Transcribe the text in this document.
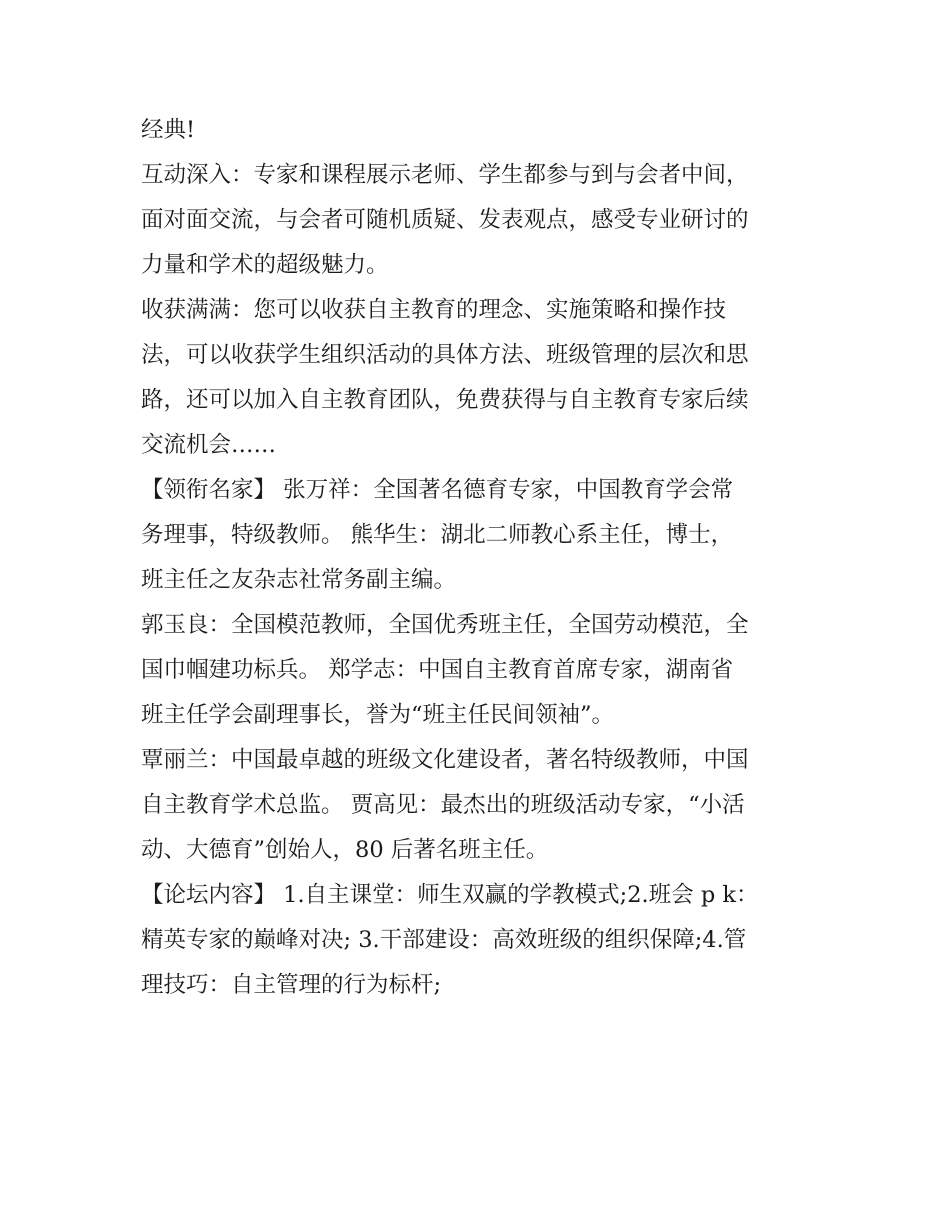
经典!
互动深入：专家和课程展示老师、学生都参与到与会者中间，
面对面交流，与会者可随机质疑、发表观点，感受专业研讨的
力量和学术的超级魅力。
收获满满：您可以收获自主教育的理念、实施策略和操作技
法，可以收获学生组织活动的具体方法、班级管理的层次和思
路，还可以加入自主教育团队，免费获得与自主教育专家后续
交流机会……
【领衔名家】 张万祥：全国著名德育专家，中国教育学会常
务理事，特级教师。 熊华生：湖北二师教心系主任，博士，
班主任之友杂志社常务副主编。
郭玉良：全国模范教师，全国优秀班主任，全国劳动模范，全
国巾帼建功标兵。 郑学志：中国自主教育首席专家，湖南省
班主任学会副理事长，誉为“班主任民间领袖”。
覃丽兰：中国最卓越的班级文化建设者，著名特级教师，中国
自主教育学术总监。 贾高见：最杰出的班级活动专家，“小活
动、大德育”创始人，80 后著名班主任。
【论坛内容】 1.自主课堂：师生双赢的学教模式;2.班会 p k：
精英专家的巅峰对决; 3.干部建设：高效班级的组织保障;4.管
理技巧：自主管理的行为标杆;
